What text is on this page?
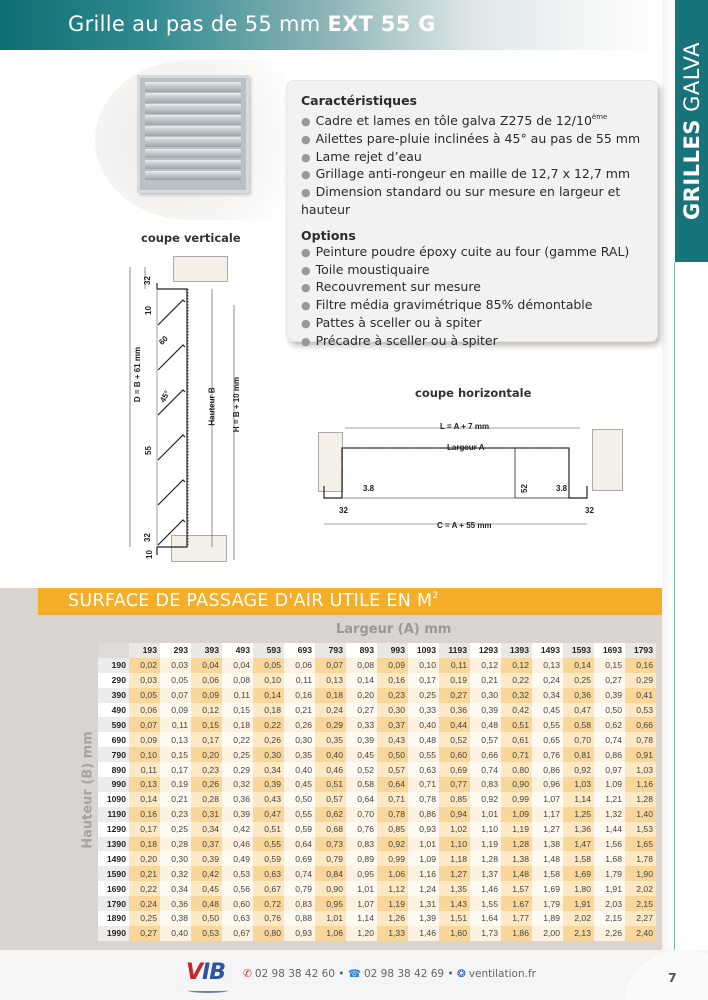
Grille au pas de 55 mm EXT 55 G
GRILLES GALVA
Caractéristiques
● Cadre et lames en tôle galva Z275 de 12/10ème
● Ailettes pare-pluie inclinées à 45° au pas de 55 mm
● Lame rejet d’eau
● Grillage anti-rongeur en maille de 12,7 x 12,7 mm
● Dimension standard ou sur mesure en largeur et hauteur
Options
● Peinture poudre époxy cuite au four (gamme RAL)
● Toile moustiquaire
● Recouvrement sur mesure
● Filtre média gravimétrique 85% démontable
● Pattes à sceller ou à spiter
● Précadre à sceller ou à spiter
coupe verticale
D = B + 61 mm
Hauteur B H = B + 10 mm
32
10
60
45°
55
32
10
coupe horizontale
L = A + 7 mm
Largeur A
3.8	52	3.8
32	32
C = A + 55 mm
SURFACE DE PASSAGE D'AIR UTILE EN $M^2$
Largeur (A) mm
Hauteur (B) mm
	193	293	393	493	593	693	793	893	993	1093	1193	1293	1393	1493	1593	1693	1793
190	0,02	0,03	0,04	0,04	0,05	0,06	0,07	0,08	0,09	0,10	0,11	0,12	0,12	0,13	0,14	0,15	0,16
290	0,03	0,05	0,06	0,08	0,10	0,11	0,13	0,14	0,16	0,17	0,19	0,21	0,22	0,24	0,25	0,27	0,29
390	0,05	0,07	0,09	0,11	0,14	0,16	0,18	0,20	0,23	0,25	0,27	0,30	0,32	0,34	0,36	0,39	0,41
490	0,06	0,09	0,12	0,15	0,18	0,21	0,24	0,27	0,30	0,33	0,36	0,39	0,42	0,45	0,47	0,50	0,53
590	0,07	0,11	0,15	0,18	0,22	0,26	0,29	0,33	0,37	0,40	0,44	0,48	0,51	0,55	0,58	0,62	0,66
690	0,09	0,13	0,17	0,22	0,26	0,30	0,35	0,39	0,43	0,48	0,52	0,57	0,61	0,65	0,70	0,74	0,78
790	0,10	0,15	0,20	0,25	0,30	0,35	0,40	0,45	0,50	0,55	0,60	0,66	0,71	0,76	0,81	0,86	0,91
890	0,11	0,17	0,23	0,29	0,34	0,40	0,46	0,52	0,57	0,63	0,69	0,74	0,80	0,86	0,92	0,97	1,03
990	0,13	0,19	0,26	0,32	0,39	0,45	0,51	0,58	0,64	0,71	0,77	0,83	0,90	0,96	1,03	1,09	1,16
1090	0,14	0,21	0,28	0,36	0,43	0,50	0,57	0,64	0,71	0,78	0,85	0,92	0,99	1,07	1,14	1,21	1,28
1190	0,16	0,23	0,31	0,39	0,47	0,55	0,62	0,70	0,78	0,86	0,94	1,01	1,09	1,17	1,25	1,32	1,40
1290	0,17	0,25	0,34	0,42	0,51	0,59	0,68	0,76	0,85	0,93	1,02	1,10	1,19	1,27	1,36	1,44	1,53
1390	0,18	0,28	0,37	0,46	0,55	0,64	0,73	0,83	0,92	1,01	1,10	1,19	1,28	1,38	1,47	1,56	1,65
1490	0,20	0,30	0,39	0,49	0,59	0,69	0,79	0,89	0,99	1,09	1,18	1,28	1,38	1,48	1,58	1,68	1,78
1590	0,21	0,32	0,42	0,53	0,63	0,74	0,84	0,95	1,06	1,16	1,27	1,37	1,48	1,58	1,69	1,79	1,90
1690	0,22	0,34	0,45	0,56	0,67	0,79	0,90	1,01	1,12	1,24	1,35	1,46	1,57	1,69	1,80	1,91	2,02
1790	0,24	0,36	0,48	0,60	0,72	0,83	0,95	1,07	1,19	1,31	1,43	1,55	1,67	1,79	1,91	2,03	2,15
1890	0,25	0,38	0,50	0,63	0,76	0,88	1,01	1,14	1,26	1,39	1,51	1,64	1,77	1,89	2,02	2,15	2,27
1990	0,27	0,40	0,53	0,67	0,80	0,93	1,06	1,20	1,33	1,46	1,60	1,73	1,86	2,00	2,13	2,26	2,40
VIB ✆ 02 98 38 42 60 • ☎ 02 98 38 42 69 • ❂ ventilation.fr	7
